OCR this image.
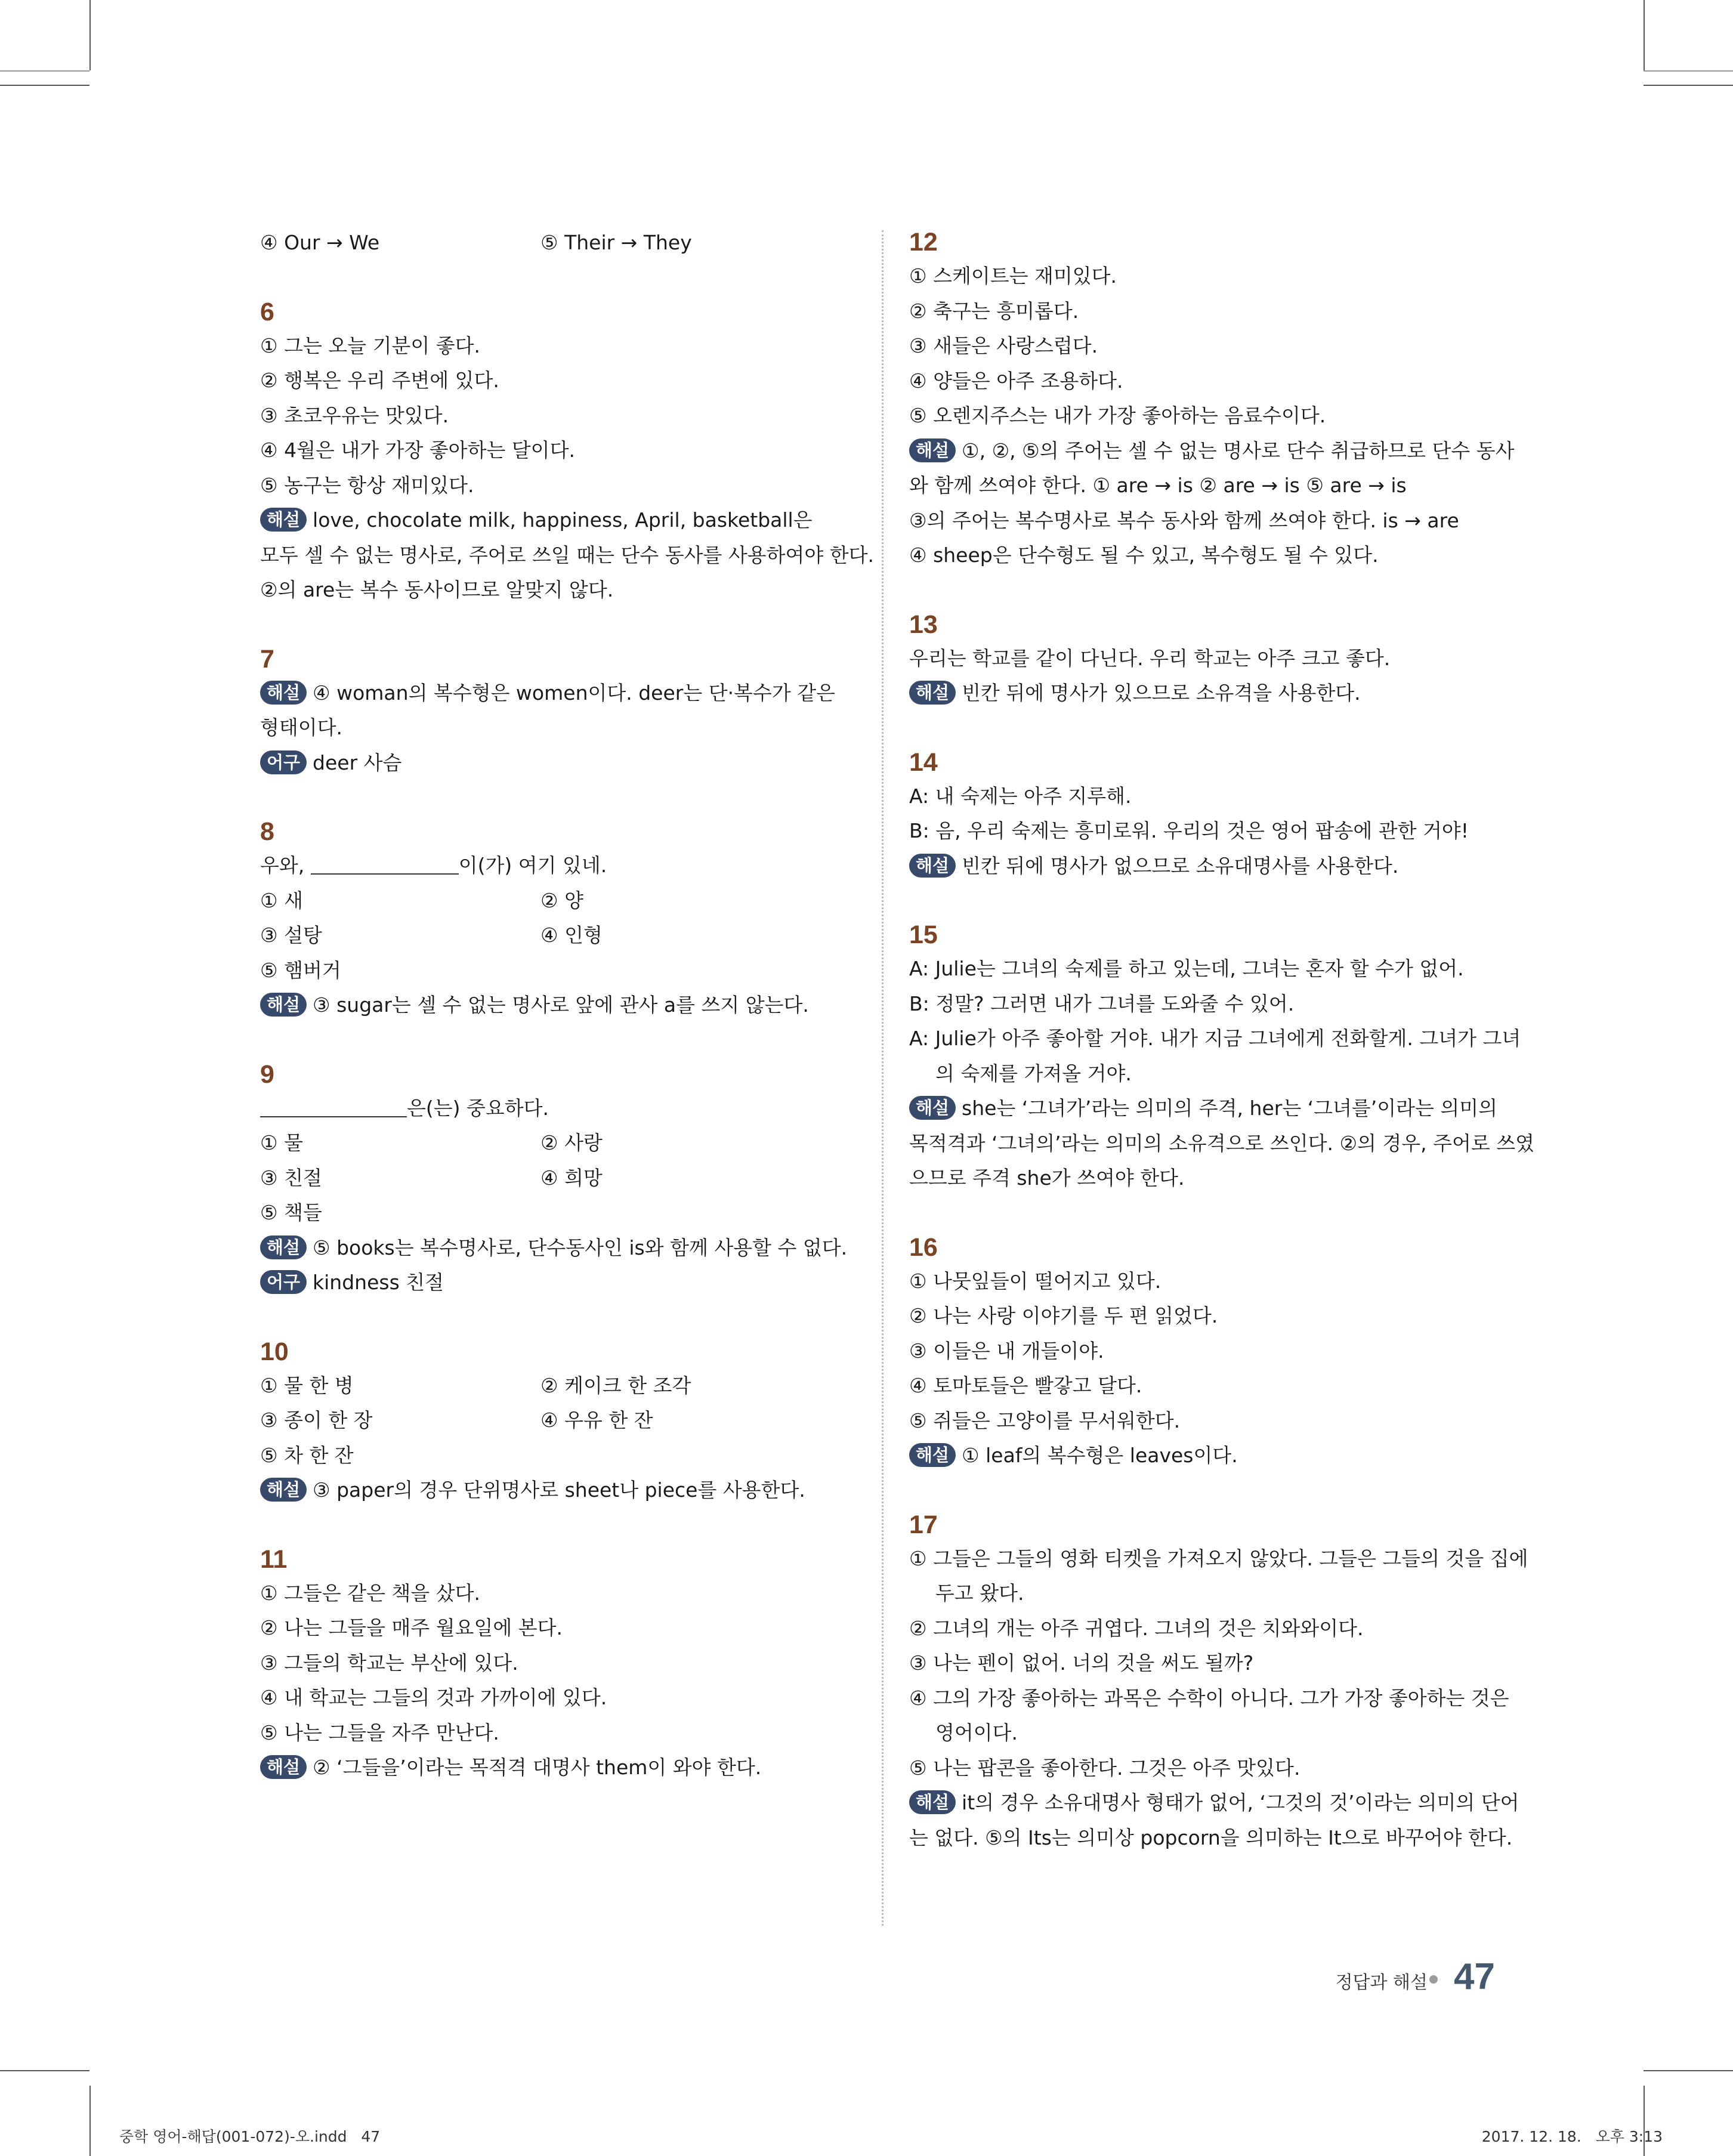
④ Our → We	⑤ Their → They
6
① 그는 오늘 기분이 좋다.
② 행복은 우리 주변에 있다.
③ 초코우유는 맛있다.
④ 4월은 내가 가장 좋아하는 달이다.
⑤ 농구는 항상 재미있다.
해설 love, chocolate milk, happiness, April, basketball은
모두 셀 수 없는 명사로, 주어로 쓰일 때는 단수 동사를 사용하여야 한다.
②의 are는 복수 동사이므로 알맞지 않다.
7
해설 ④ woman의 복수형은 women이다. deer는 단·복수가 같은
형태이다.
어구 deer 사슴
8
우와,	이(가) 여기 있네.
① 새	② 양
③ 설탕	④ 인형
⑤ 햄버거
해설 ③ sugar는 셀 수 없는 명사로 앞에 관사 a를 쓰지 않는다.
9
은(는) 중요하다.
① 물	② 사랑
③ 친절	④ 희망
⑤ 책들
해설 ⑤ books는 복수명사로, 단수동사인 is와 함께 사용할 수 없다.
어구 kindness 친절
10
① 물 한 병	② 케이크 한 조각
③ 종이 한 장	④ 우유 한 잔
⑤ 차 한 잔
해설 ③ paper의 경우 단위명사로 sheet나 piece를 사용한다.
11
① 그들은 같은 책을 샀다.
② 나는 그들을 매주 월요일에 본다.
③ 그들의 학교는 부산에 있다.
④ 내 학교는 그들의 것과 가까이에 있다.
⑤ 나는 그들을 자주 만난다.
해설 ② ‘그들을’이라는 목적격 대명사 them이 와야 한다.
12
① 스케이트는 재미있다.
② 축구는 흥미롭다.
③ 새들은 사랑스럽다.
④ 양들은 아주 조용하다.
⑤ 오렌지주스는 내가 가장 좋아하는 음료수이다.
해설 ①, ②, ⑤의 주어는 셀 수 없는 명사로 단수 취급하므로 단수 동사
와 함께 쓰여야 한다. ① are → is ② are → is ⑤ are → is
③의 주어는 복수명사로 복수 동사와 함께 쓰여야 한다. is → are
④ sheep은 단수형도 될 수 있고, 복수형도 될 수 있다.
13
우리는 학교를 같이 다닌다. 우리 학교는 아주 크고 좋다.
해설 빈칸 뒤에 명사가 있으므로 소유격을 사용한다.
14
A: 내 숙제는 아주 지루해.
B: 음, 우리 숙제는 흥미로워. 우리의 것은 영어 팝송에 관한 거야!
해설 빈칸 뒤에 명사가 없으므로 소유대명사를 사용한다.
15
A: Julie는 그녀의 숙제를 하고 있는데, 그녀는 혼자 할 수가 없어.
B: 정말? 그러면 내가 그녀를 도와줄 수 있어.
A: Julie가 아주 좋아할 거야. 내가 지금 그녀에게 전화할게. 그녀가 그녀
의 숙제를 가져올 거야.
해설 she는 ‘그녀가’라는 의미의 주격, her는 ‘그녀를’이라는 의미의
목적격과 ‘그녀의’라는 의미의 소유격으로 쓰인다. ②의 경우, 주어로 쓰였
으므로 주격 she가 쓰여야 한다.
16
① 나뭇잎들이 떨어지고 있다.
② 나는 사랑 이야기를 두 편 읽었다.
③ 이들은 내 개들이야.
④ 토마토들은 빨갛고 달다.
⑤ 쥐들은 고양이를 무서워한다.
해설 ① leaf의 복수형은 leaves이다.
17
① 그들은 그들의 영화 티켓을 가져오지 않았다. 그들은 그들의 것을 집에
두고 왔다.
② 그녀의 개는 아주 귀엽다. 그녀의 것은 치와와이다.
③ 나는 펜이 없어. 너의 것을 써도 될까?
④ 그의 가장 좋아하는 과목은 수학이 아니다. 그가 가장 좋아하는 것은
영어이다.
⑤ 나는 팝콘을 좋아한다. 그것은 아주 맛있다.
해설 it의 경우 소유대명사 형태가 없어, ‘그것의 것’이라는 의미의 단어
는 없다. ⑤의 Its는 의미상 popcorn을 의미하는 It으로 바꾸어야 한다.
정답과 해설 47
중학 영어-해답(001-072)-오.indd   47	2017. 12. 18.   오후 3:13
